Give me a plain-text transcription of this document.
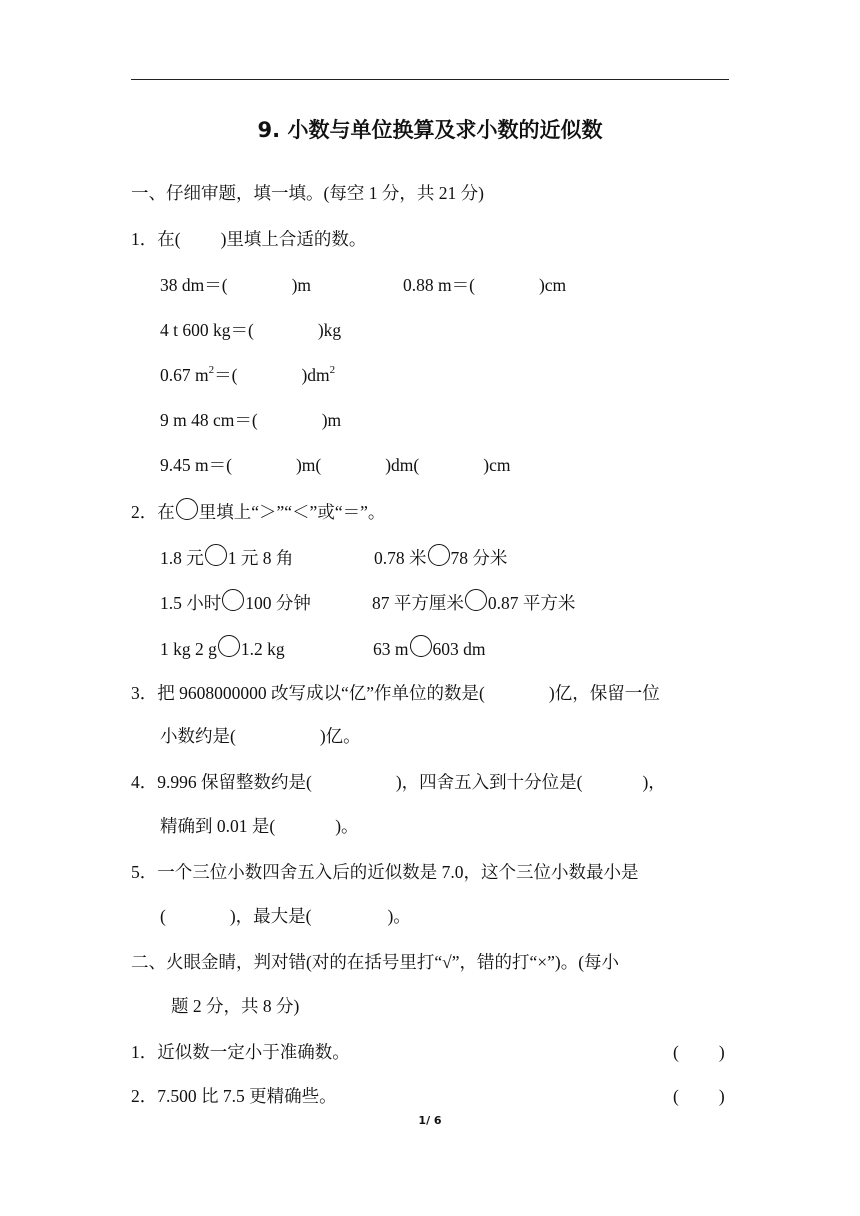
9. 小数与单位换算及求小数的近似数
一、仔细审题，填一填。(每空 1 分，共 21 分)
1．在( )里填上合适的数。
38 dm＝(	)m	0.88 m＝(	)cm
4 t 600 kg＝(	)kg
0.67 $m^2=$(	)$dm^2$
9 m 48 cm＝(	)m
9.45 m＝(	)m(	)dm(	)cm
2．在 里填上“＞”“＜”或“＝”。
1.8 元 1 元 8 角	0.78 米 78 分米
1.5 小时 100 分钟	87 平方厘米 0.87 平方米
1 kg 2 g 1.2 kg	63 m 603 dm
3．把 9608000000 改写成以“亿”作单位的数是(	)亿，保留一位
小数约是(	)亿。
4．9.996 保留整数约是(	)，四舍五入到十分位是(	)，
精确到 0.01 是(	)。
5．一个三位小数四舍五入后的近似数是 7.0，这个三位小数最小是
(	)，最大是(	)。
二、火眼金睛，判对错(对的在括号里打“√”，错的打“×”)。(每小
题 2 分，共 8 分)
1．近似数一定小于准确数。	( )
2．7.500 比 7.5 更精确些。	( )
1/ 6
